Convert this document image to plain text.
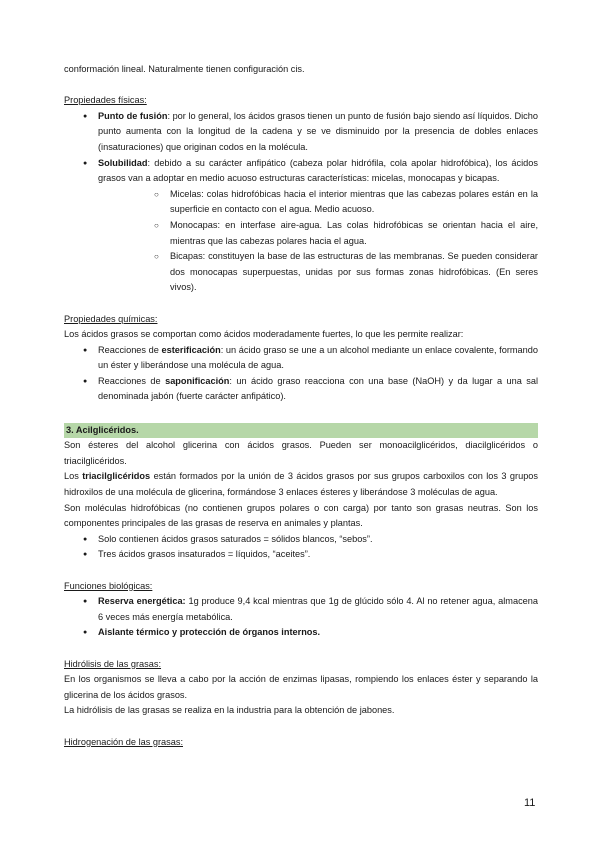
conformación lineal. Naturalmente tienen configuración cis.

Propiedades físicas:

● Punto de fusión: por lo general, los ácidos grasos tienen un punto de fusión bajo siendo así líquidos. Dicho punto aumenta con la longitud de la cadena y se ve disminuido por la presencia de dobles enlaces (insaturaciones) que originan codos en la molécula.
● Solubilidad: debido a su carácter anfipático (cabeza polar hidrófila, cola apolar hidrofóbica), los ácidos grasos van a adoptar en medio acuoso estructuras características: micelas, monocapas y bicapas.
○ Micelas: colas hidrofóbicas hacia el interior mientras que las cabezas polares están en la superficie en contacto con el agua. Medio acuoso.
○ Monocapas: en interfase aire-agua. Las colas hidrofóbicas se orientan hacia el aire, mientras que las cabezas polares hacia el agua.
○ Bicapas: constituyen la base de las estructuras de las membranas. Se pueden considerar dos monocapas superpuestas, unidas por sus formas zonas hidrofóbicas. (En seres vivos).

Propiedades químicas:

Los ácidos grasos se comportan como ácidos moderadamente fuertes, lo que les permite realizar:

● Reacciones de esterificación: un ácido graso se une a un alcohol mediante un enlace covalente, formando un éster y liberándose una molécula de agua.
● Reacciones de saponificación: un ácido graso reacciona con una base (NaOH) y da lugar a una sal denominada jabón (fuerte carácter anfipático).

3. Acilglicéridos.

Son ésteres del alcohol glicerina con ácidos grasos. Pueden ser monoacilglicéridos, diacilglicéridos o triacilglicéridos.

Los triacilglicéridos están formados por la unión de 3 ácidos grasos por sus grupos carboxilos con los 3 grupos hidroxilos de una molécula de glicerina, formándose 3 enlaces ésteres y liberándose 3 moléculas de agua.

Son moléculas hidrofóbicas (no contienen grupos polares o con carga) por tanto son grasas neutras. Son los componentes principales de las grasas de reserva en animales y plantas.

● Solo contienen ácidos grasos saturados = sólidos blancos, “sebos”.
● Tres ácidos grasos insaturados = líquidos, “aceites”.

Funciones biológicas:

● Reserva energética: 1g produce 9,4 kcal mientras que 1g de glúcido sólo 4. Al no retener agua, almacena 6 veces más energía metabólica.
● Aislante térmico y protección de órganos internos.

Hidrólisis de las grasas:

En los organismos se lleva a cabo por la acción de enzimas lipasas, rompiendo los enlaces éster y separando la glicerina de los ácidos grasos.

La hidrólisis de las grasas se realiza en la industria para la obtención de jabones.

Hidrogenación de las grasas:

11
